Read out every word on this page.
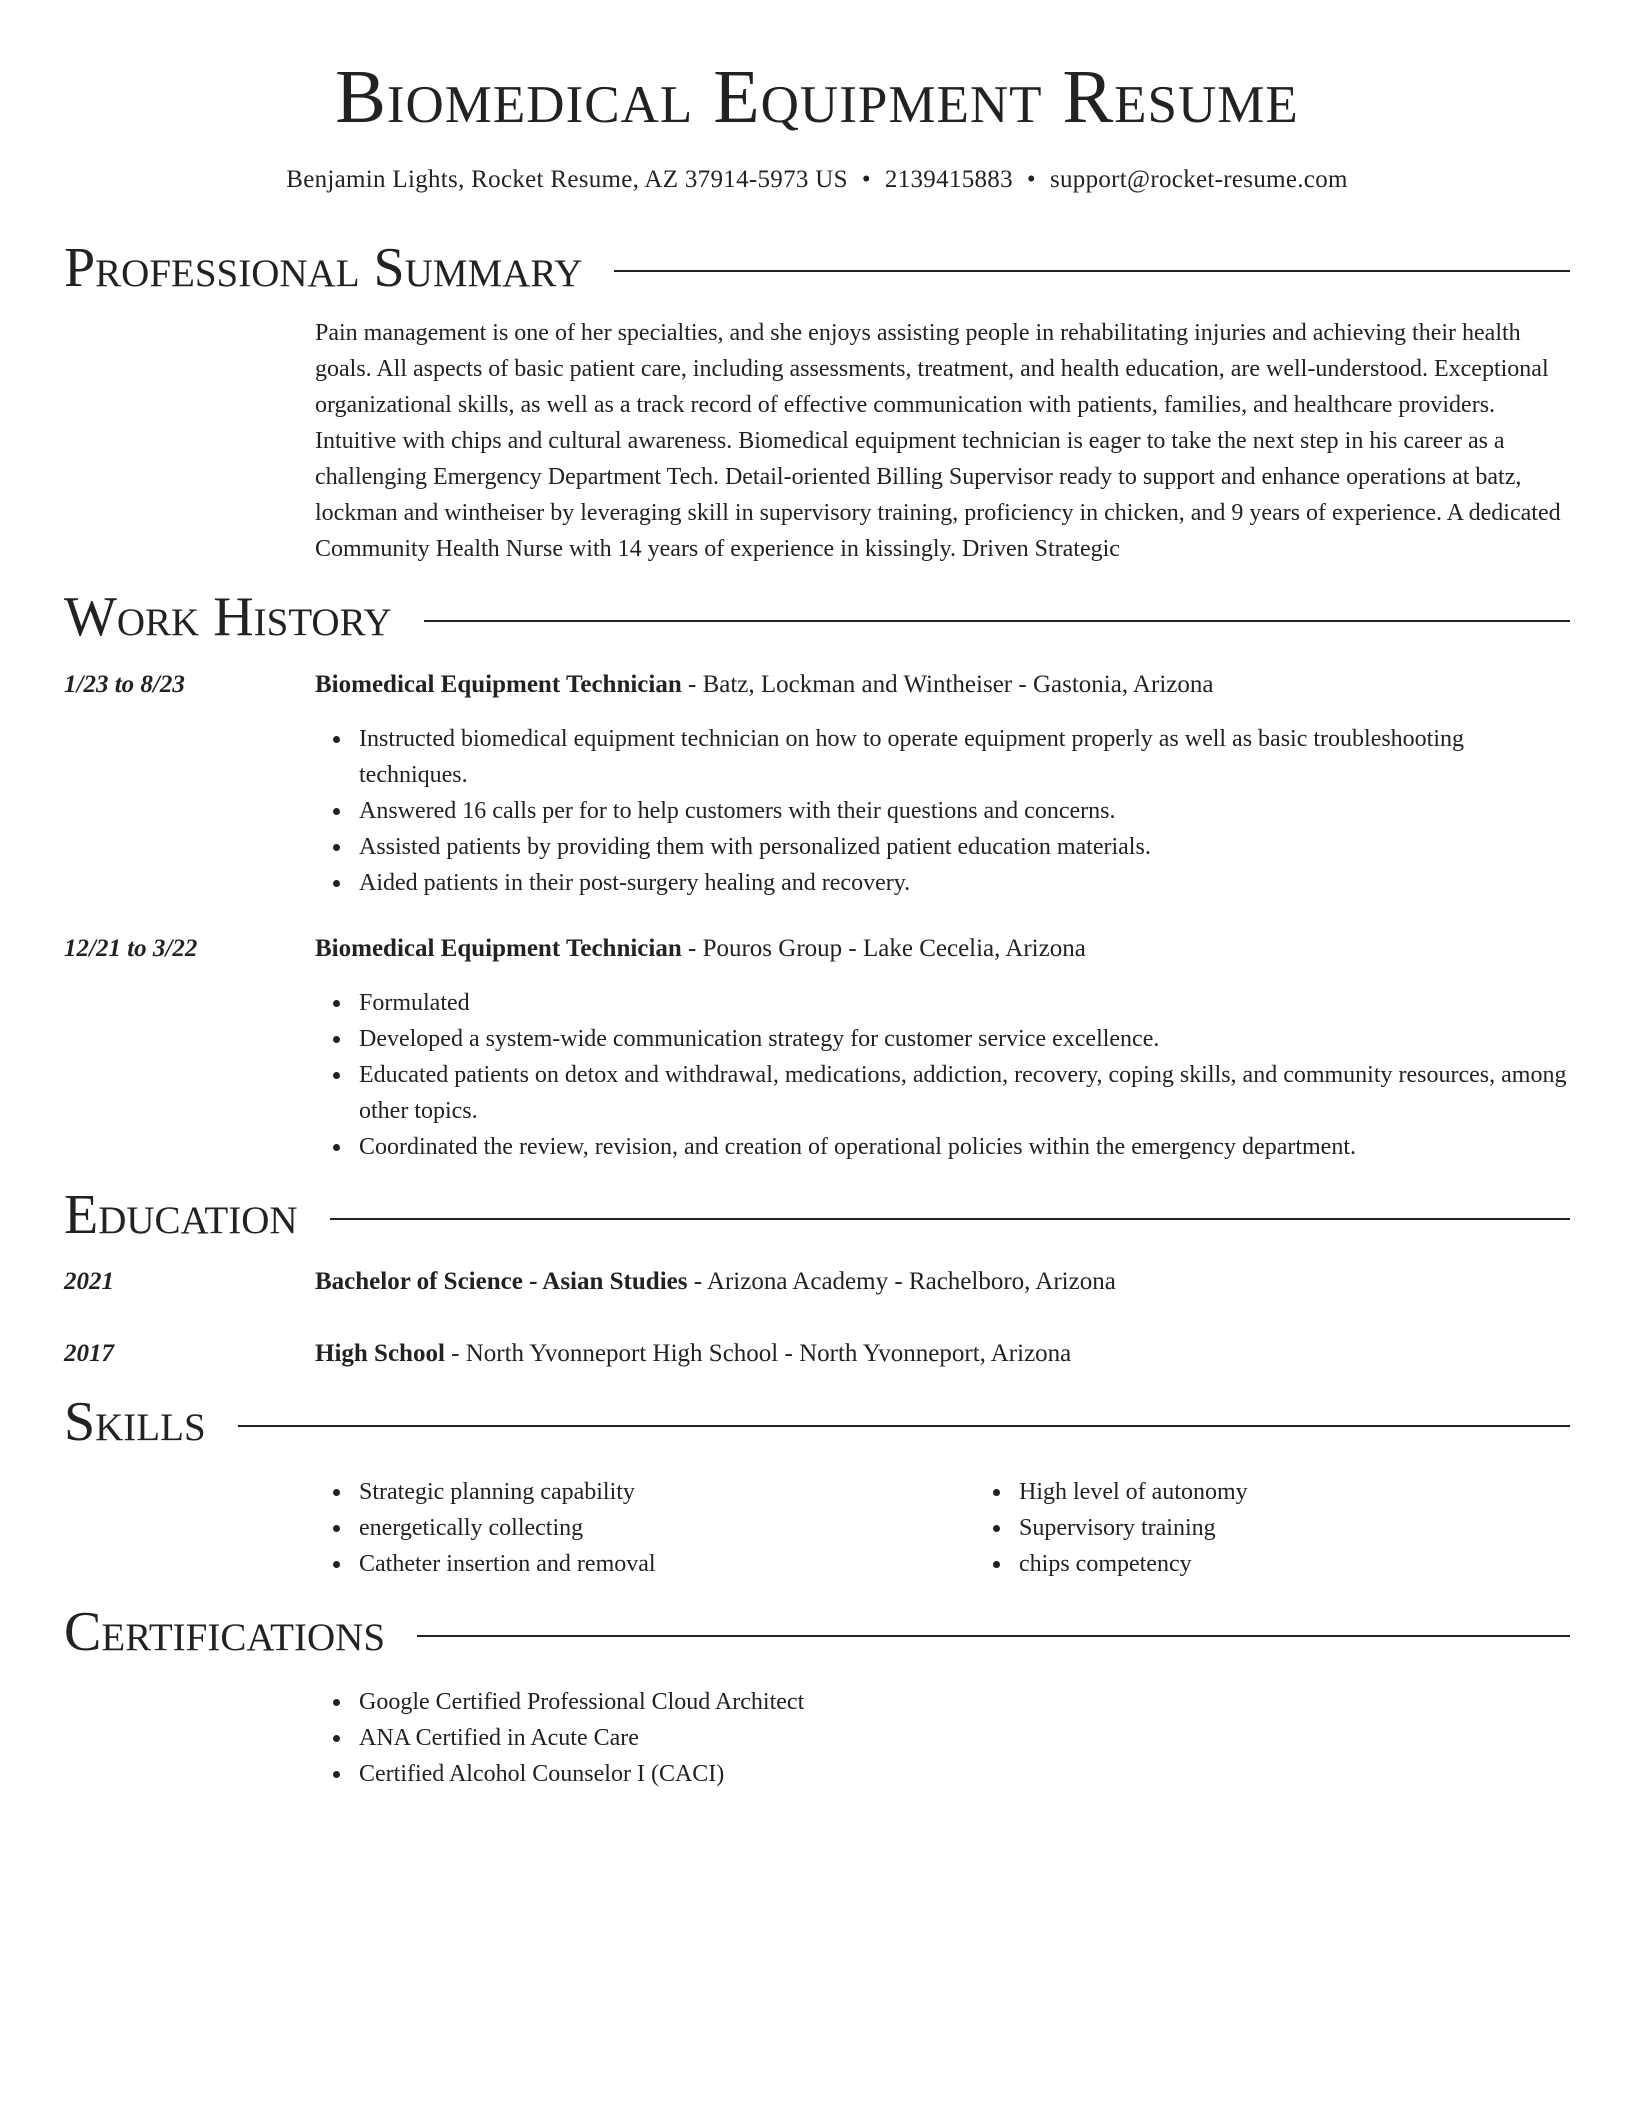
Biomedical Equipment Resume
Benjamin Lights, Rocket Resume, AZ 37914-5973 US • 2139415883 • support@rocket-resume.com
Professional Summary

Pain management is one of her specialties, and she enjoys assisting people in rehabilitating injuries and achieving their health goals. All aspects of basic patient care, including assessments, treatment, and health education, are well-understood. Exceptional organizational skills, as well as a track record of effective communication with patients, families, and healthcare providers. Intuitive with chips and cultural awareness. Biomedical equipment technician is eager to take the next step in his career as a challenging Emergency Department Tech. Detail-oriented Billing Supervisor ready to support and enhance operations at batz, lockman and wintheiser by leveraging skill in supervisory training, proficiency in chicken, and 9 years of experience. A dedicated Community Health Nurse with 14 years of experience in kissingly. Driven Strategic

Work History
1/23 to 8/23	Biomedical Equipment Technician - Batz, Lockman and Wintheiser - Gastonia, Arizona
Instructed biomedical equipment technician on how to operate equipment properly as well as basic troubleshooting techniques.
Answered 16 calls per for to help customers with their questions and concerns.
Assisted patients by providing them with personalized patient education materials.
Aided patients in their post-surgery healing and recovery.
12/21 to 3/22	Biomedical Equipment Technician - Pouros Group - Lake Cecelia, Arizona
Formulated
Developed a system-wide communication strategy for customer service excellence.
Educated patients on detox and withdrawal, medications, addiction, recovery, coping skills, and community resources, among other topics.
Coordinated the review, revision, and creation of operational policies within the emergency department.
Education
2021	Bachelor of Science - Asian Studies - Arizona Academy - Rachelboro, Arizona
2017	High School - North Yvonneport High School - North Yvonneport, Arizona
Skills
Strategic planning capability
energetically collecting
Catheter insertion and removal
High level of autonomy
Supervisory training
chips competency
Certifications
Google Certified Professional Cloud Architect
ANA Certified in Acute Care
Certified Alcohol Counselor I (CACI)
